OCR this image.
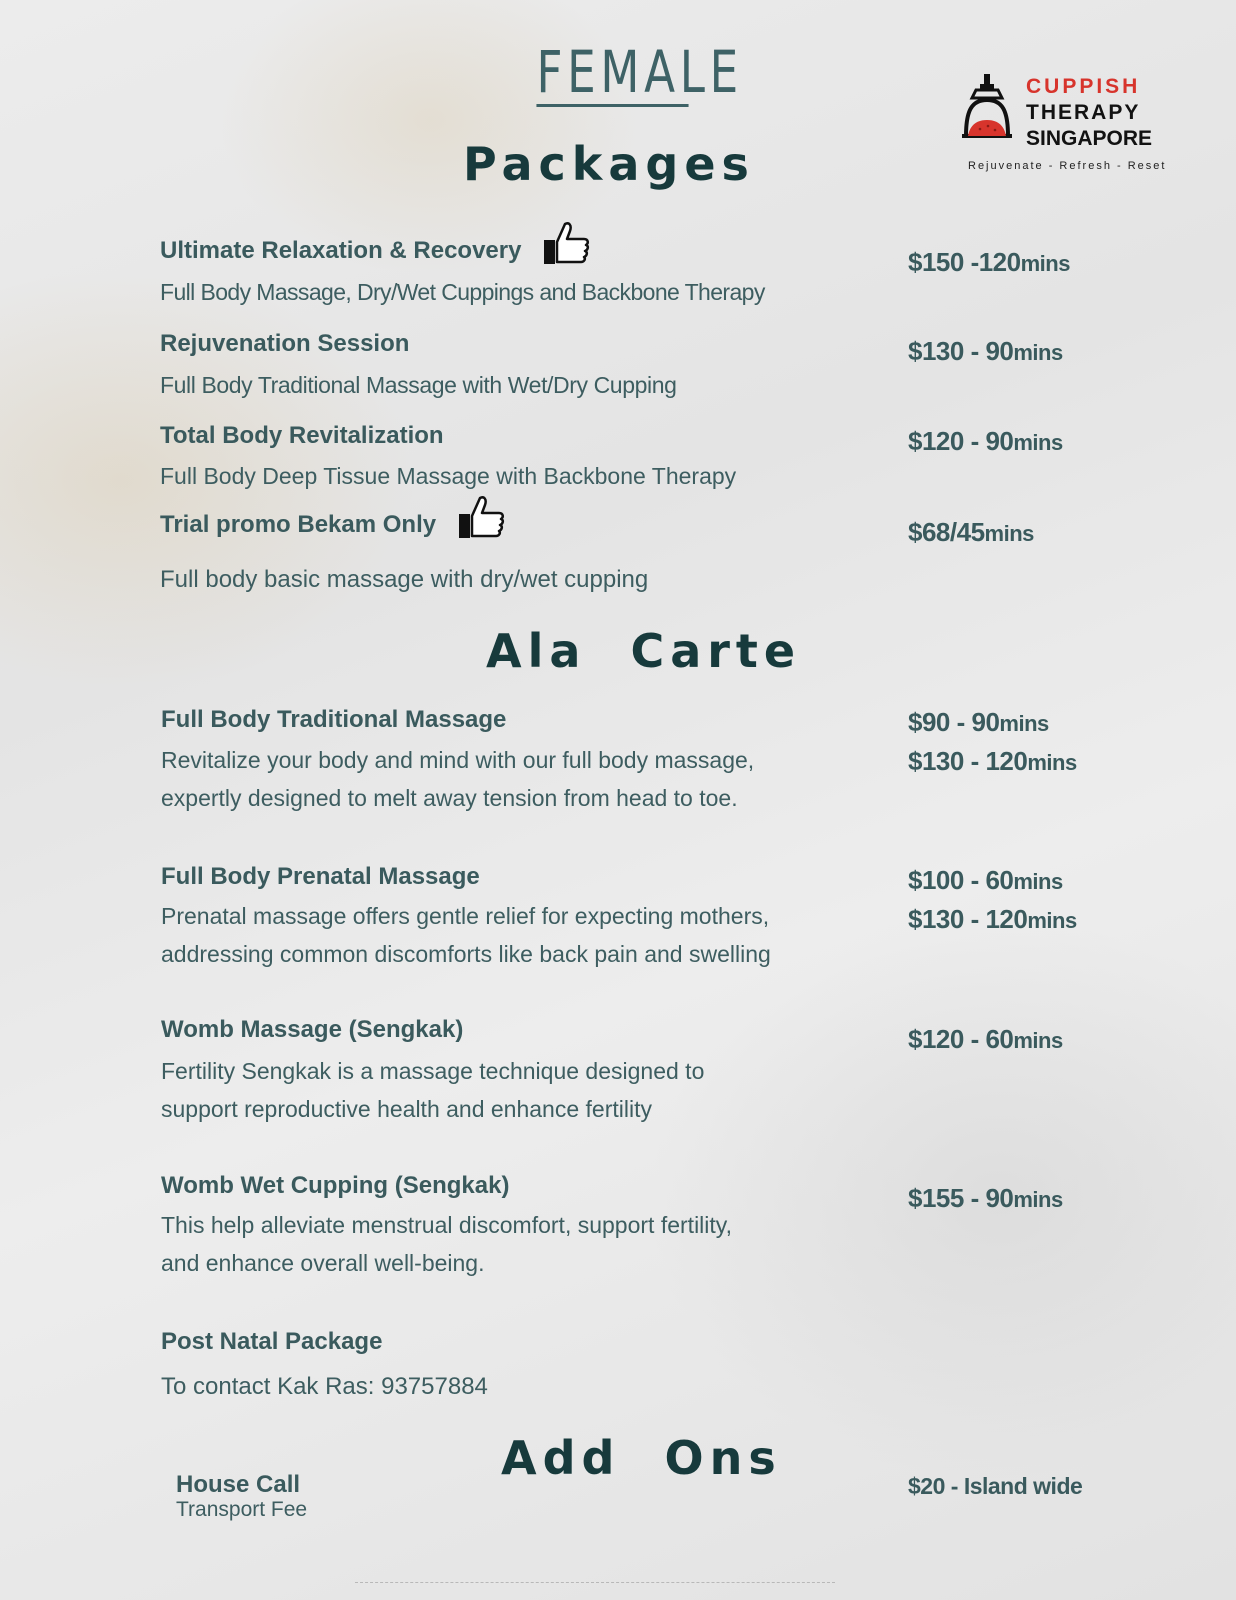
FEMALE	CUPPISH
THERAPY
SINGAPORE
Rejuvenate - Refresh - Reset
Packages
Ultimate Relaxation & Recovery
Full Body Massage, Dry/Wet Cuppings and Backbone Therapy
$150 -120mins
Rejuvenation Session
Full Body Traditional Massage with Wet/Dry Cupping
$130 - 90mins
Total Body Revitalization
Full Body Deep Tissue Massage with Backbone Therapy
$120 - 90mins
Trial promo Bekam Only
Full body basic massage with dry/wet cupping
$68/45mins
Ala  Carte
Full Body Traditional Massage
Revitalize your body and mind with our full body massage,
expertly designed to melt away tension from head to toe.
$90 - 90mins
$130 - 120mins
Full Body Prenatal Massage
Prenatal massage offers gentle relief for expecting mothers,
addressing common discomforts like back pain and swelling
$100 - 60mins
$130 - 120mins
Womb Massage (Sengkak)
Fertility Sengkak is a massage technique designed to
support reproductive health and enhance fertility
$120 - 60mins
Womb Wet Cupping (Sengkak)
This help alleviate menstrual discomfort, support fertility,
and enhance overall well-being.
$155 - 90mins
Post Natal Package
To contact Kak Ras: 93757884
Add  Ons
House Call
Transport Fee
$20 - Island wide
